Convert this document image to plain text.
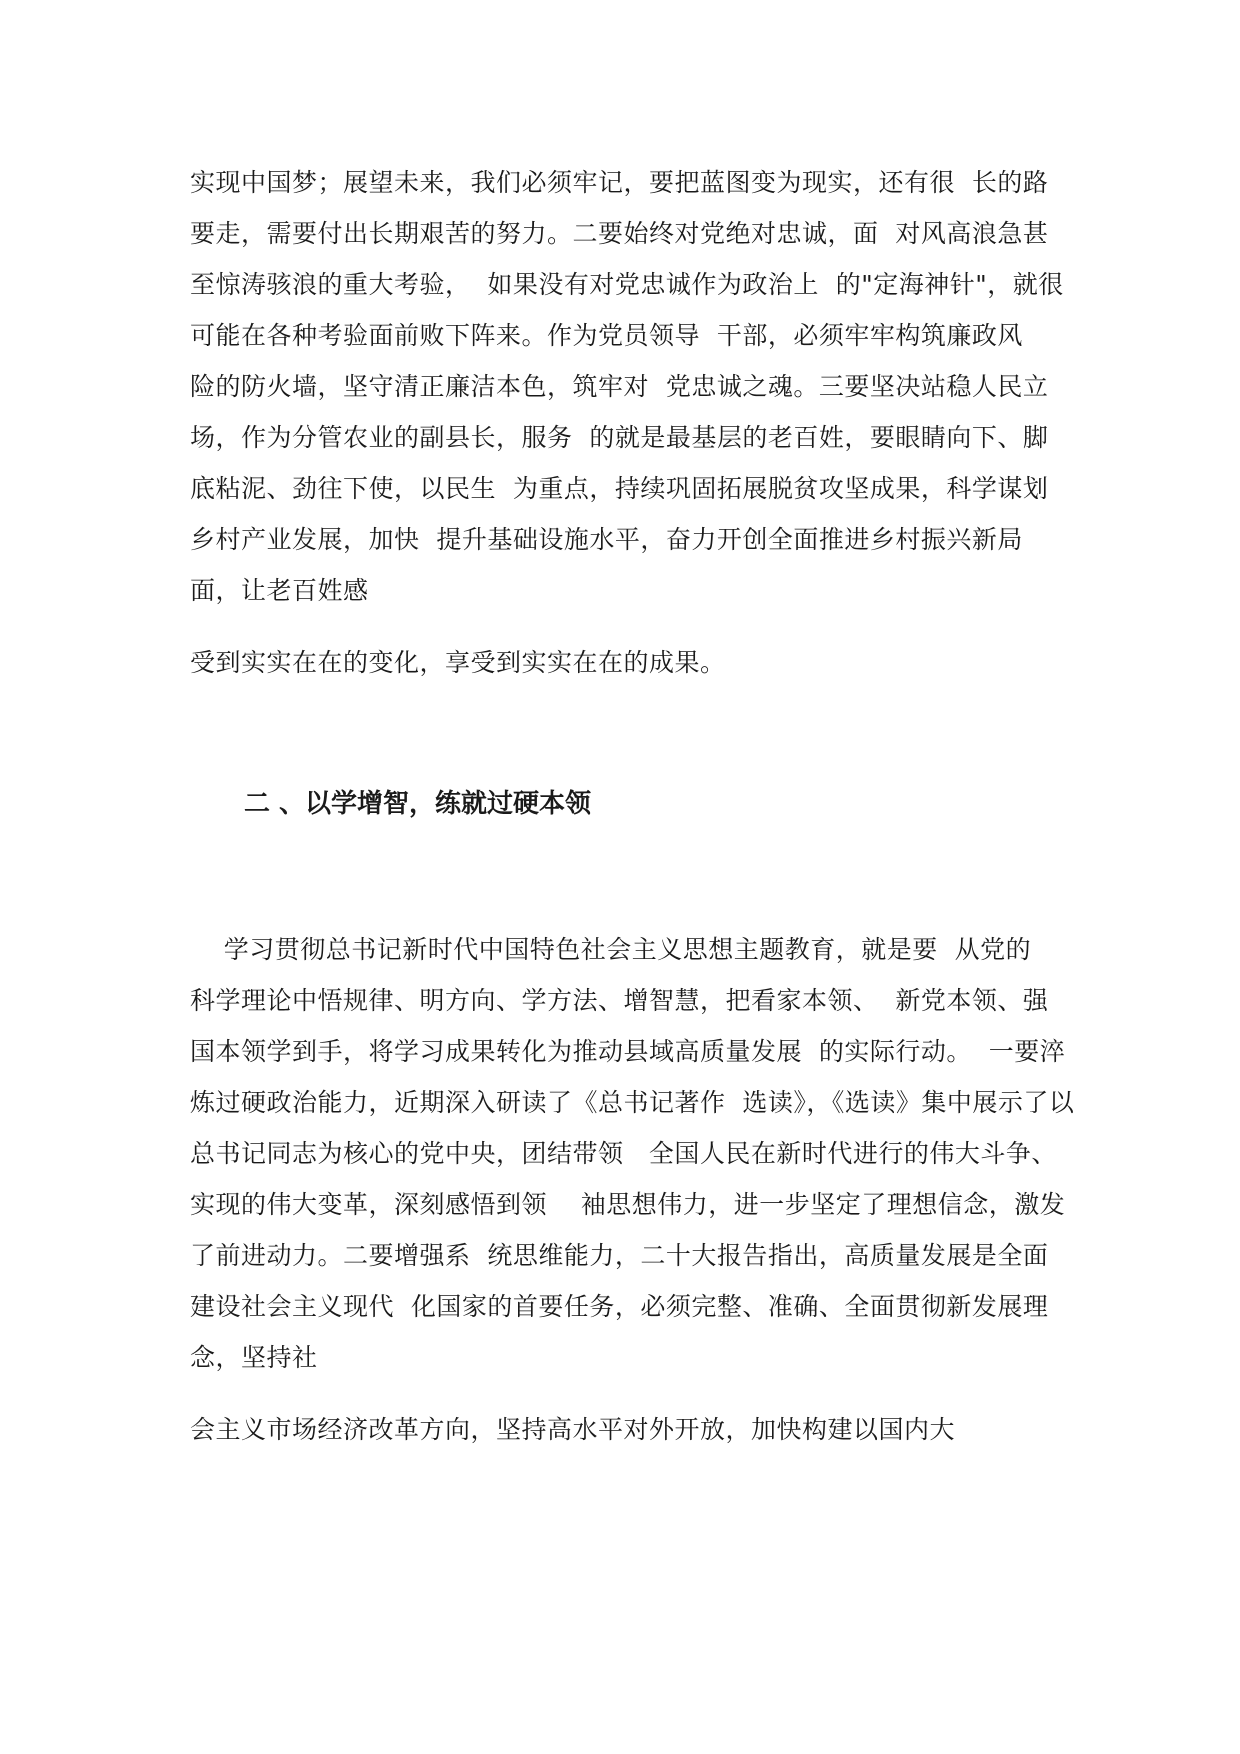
实现中国梦；展望未来，我们必须牢记，要把蓝图变为现实，还有很  长的路
要走，需要付出长期艰苦的努力。二要始终对党绝对忠诚，面  对风高浪急甚
至惊涛骇浪的重大考验，  如果没有对党忠诚作为政治上  的"定海神针"，就很
可能在各种考验面前败下阵来。作为党员领导  干部，必须牢牢构筑廉政风
险的防火墙，坚守清正廉洁本色，筑牢对  党忠诚之魂。三要坚决站稳人民立
场，作为分管农业的副县长，服务  的就是最基层的老百姓，要眼睛向下、脚
底粘泥、劲往下使，以民生  为重点，持续巩固拓展脱贫攻坚成果，科学谋划
乡村产业发展，加快  提升基础设施水平，奋力开创全面推进乡村振兴新局
面，让老百姓感
受到实实在在的变化，享受到实实在在的成果。
二 、以学增智，练就过硬本领
学习贯彻总书记新时代中国特色社会主义思想主题教育，就是要  从党的
科学理论中悟规律、明方向、学方法、增智慧，把看家本领、  新党本领、强
国本领学到手，将学习成果转化为推动县域高质量发展  的实际行动。  一要淬
炼过硬政治能力，近期深入研读了《总书记著作  选读》，《选读》集中展示了以
总书记同志为核心的党中央，团结带领   全国人民在新时代进行的伟大斗争、
实现的伟大变革，深刻感悟到领    袖思想伟力，进一步坚定了理想信念，激发
了前进动力。二要增强系  统思维能力，二十大报告指出，高质量发展是全面
建设社会主义现代  化国家的首要任务，必须完整、准确、全面贯彻新发展理
念，坚持社
会主义市场经济改革方向，坚持高水平对外开放，加快构建以国内大
